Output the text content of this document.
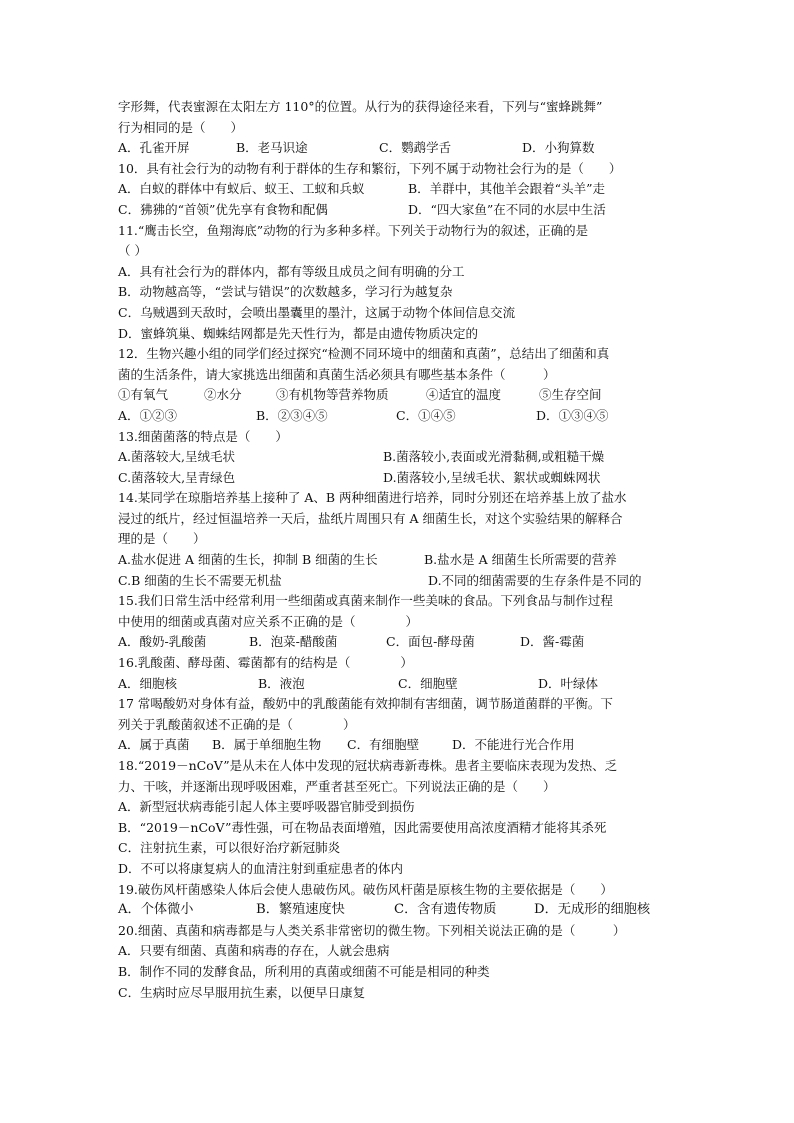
字形舞，代表蜜源在太阳左方 110°的位置。从行为的获得途径来看，下列与“蜜蜂跳舞”

行为相同的是（　　）

A．孔雀开屏	B．老马识途	C．鹦鹉学舌	D．小狗算数

10．具有社会行为的动物有利于群体的生存和繁衍，下列不属于动物社会行为的是（　　）

A．白蚁的群体中有蚁后、蚁王、工蚁和兵蚁	B．羊群中，其他羊会跟着“头羊”走
C．狒狒的“首领”优先享有食物和配偶	D．“四大家鱼”在不同的水层中生活

11.“鹰击长空，鱼翔海底”动物的行为多种多样。下列关于动物行为的叙述，正确的是

（ ）

A．具有社会行为的群体内，都有等级且成员之间有明确的分工

B．动物越高等，“尝试与错误”的次数越多，学习行为越复杂

C．乌贼遇到天敌时，会喷出墨囊里的墨汁，这属于动物个体间信息交流

D．蜜蜂筑巢、蜘蛛结网都是先天性行为，都是由遗传物质决定的

12．生物兴趣小组的同学们经过探究“检测不同环境中的细菌和真菌”，总结出了细菌和真

菌的生活条件，请大家挑选出细菌和真菌生活必须具有哪些基本条件（　　　）

①有氧气	②水分	③有机物等营养物质	④适宜的温度	⑤生存空间
A．①②③	B．②③④⑤	C．①④⑤	D．①③④⑤

13.细菌菌落的特点是（　　）

A.菌落较大,呈绒毛状	B.菌落较小,表面或光滑黏稠,或粗糙干燥
C.菌落较大,呈青绿色	D.菌落较小,呈绒毛状、絮状或蜘蛛网状

14.某同学在琼脂培养基上接种了 A、B 两种细菌进行培养，同时分别还在培养基上放了盐水

浸过的纸片，经过恒温培养一天后，盐纸片周围只有 A 细菌生长，对这个实验结果的解释合

理的是（　　）

A.盐水促进 A 细菌的生长，抑制 B 细菌的生长	B.盐水是 A 细菌生长所需要的营养
C.B 细菌的生长不需要无机盐	D.不同的细菌需要的生存条件是不同的

15.我们日常生活中经常利用一些细菌或真菌来制作一些美味的食品。下列食品与制作过程

中使用的细菌或真菌对应关系不正确的是（　　　　）

A．酸奶-乳酸菌	B．泡菜-醋酸菌	C．面包-酵母菌	D．酱-霉菌

16.乳酸菌、酵母菌、霉菌都有的结构是（　　　　）

A．细胞核	B．液泡	C．细胞壁	D．叶绿体

17 常喝酸奶对身体有益，酸奶中的乳酸菌能有效抑制有害细菌，调节肠道菌群的平衡。下

列关于乳酸菌叙述不正确的是（　　　　）

A．属于真菌	B．属于单细胞生物	C．有细胞壁	D．不能进行光合作用

18.“2019－nCoV”是从未在人体中发现的冠状病毒新毒株。患者主要临床表现为发热、乏

力、干咳，并逐渐出现呼吸困难，严重者甚至死亡。下列说法正确的是（　　）

A．新型冠状病毒能引起人体主要呼吸器官肺受到损伤

B．“2019－nCoV”毒性强，可在物品表面增殖，因此需要使用高浓度酒精才能将其杀死

C．注射抗生素，可以很好治疗新冠肺炎

D．不可以将康复病人的血清注射到重症患者的体内

19.破伤风杆菌感染人体后会使人患破伤风。破伤风杆菌是原核生物的主要依据是（　　）

A．个体微小	B．繁殖速度快	C．含有遗传物质	D．无成形的细胞核

20.细菌、真菌和病毒都是与人类关系非常密切的微生物。下列相关说法正确的是（　　　）

A．只要有细菌、真菌和病毒的存在，人就会患病

B．制作不同的发酵食品，所利用的真菌或细菌不可能是相同的种类

C．生病时应尽早服用抗生素，以便早日康复
